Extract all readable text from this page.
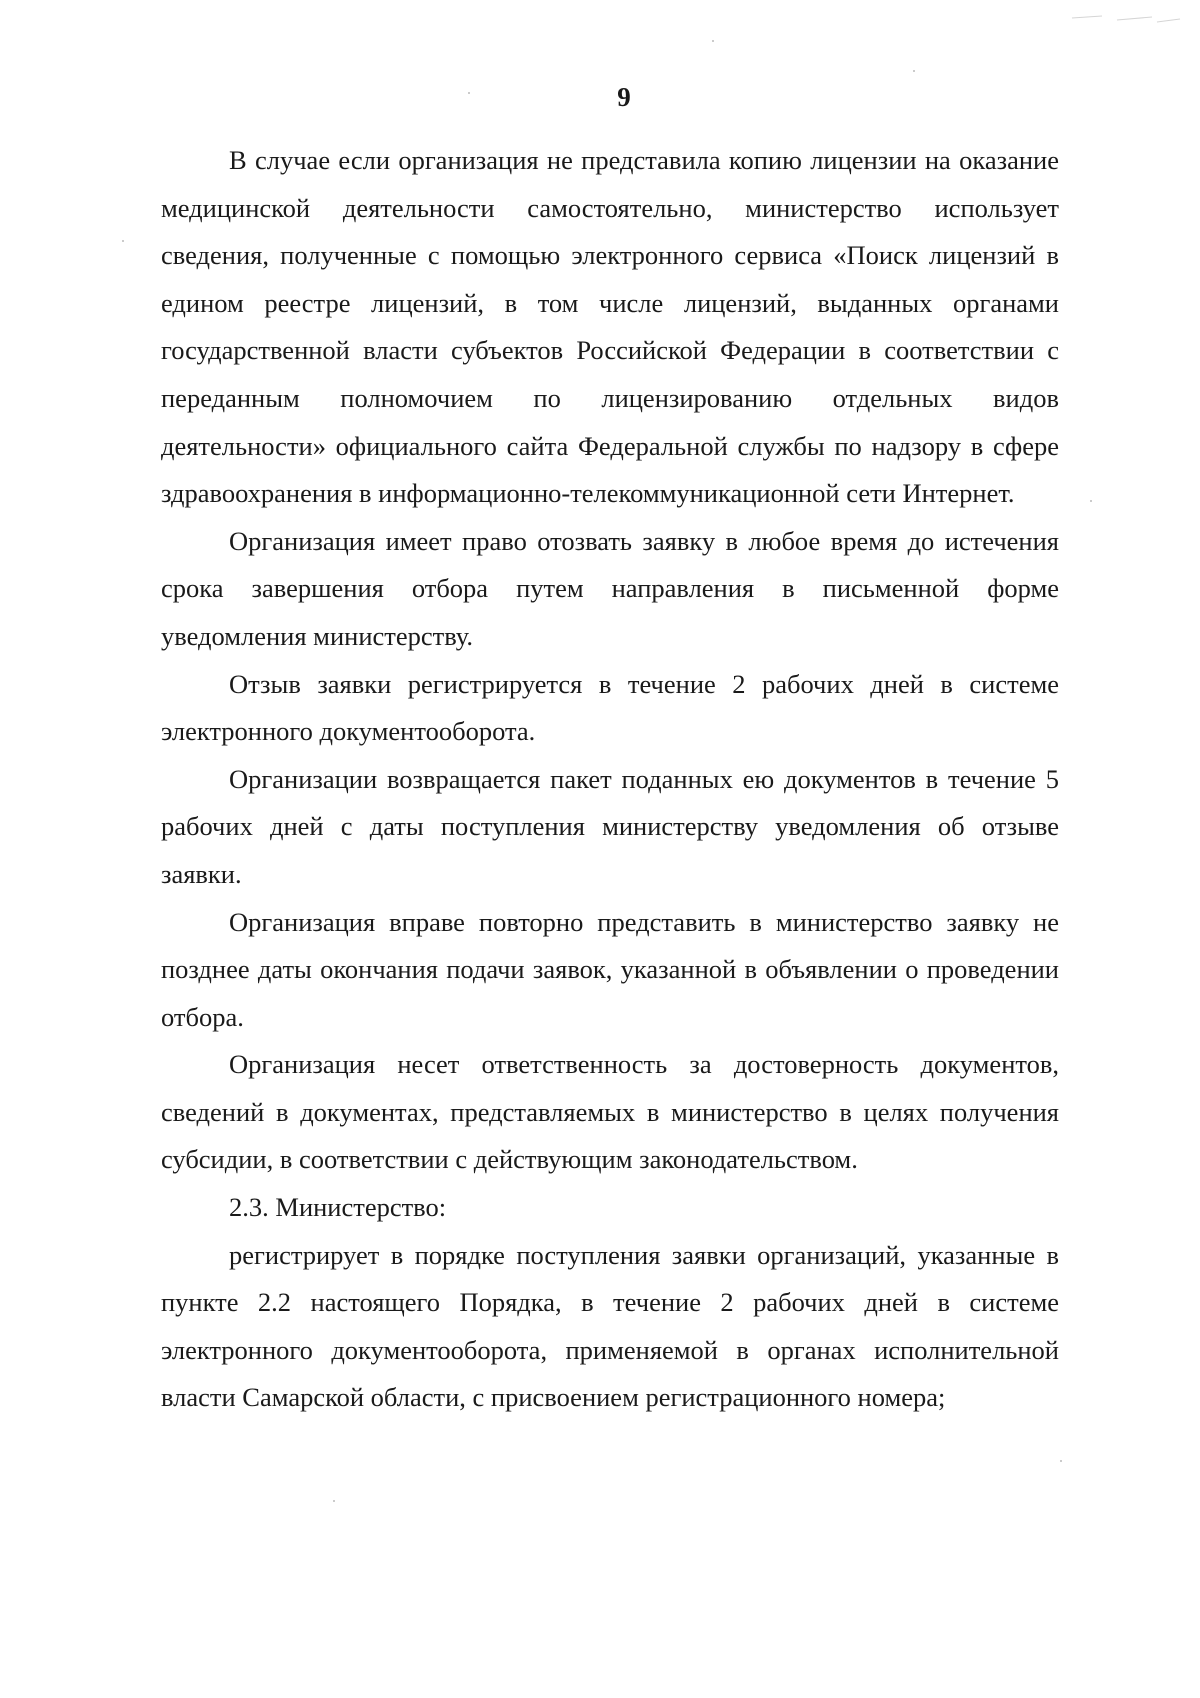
9

В случае если организация не представила копию лицензии на оказание медицинской деятельности самостоятельно, министерство использует сведения, полученные с помощью электронного сервиса «Поиск лицензий в едином реестре лицензий, в том числе лицензий, выданных органами государственной власти субъектов Российской Федерации в соответствии с переданным полномочием по лицензированию отдельных видов деятельности» официального сайта Федеральной службы по надзору в сфере здравоохранения в информационно-телекоммуникационной сети Интернет.

Организация имеет право отозвать заявку в любое время до истечения срока завершения отбора путем направления в письменной форме уведомления министерству.

Отзыв заявки регистрируется в течение 2 рабочих дней в системе электронного документооборота.

Организации возвращается пакет поданных ею документов в течение 5 рабочих дней с даты поступления министерству уведомления об отзыве заявки.

Организация вправе повторно представить в министерство заявку не позднее даты окончания подачи заявок, указанной в объявлении о проведении отбора.

Организация несет ответственность за достоверность документов, сведений в документах, представляемых в министерство в целях получения субсидии, в соответствии с действующим законодательством.

2.3. Министерство:

регистрирует в порядке поступления заявки организаций, указанные в пункте 2.2 настоящего Порядка, в течение 2 рабочих дней в системе электронного документооборота, применяемой в органах исполнительной власти Самарской области, с присвоением регистрационного номера;
